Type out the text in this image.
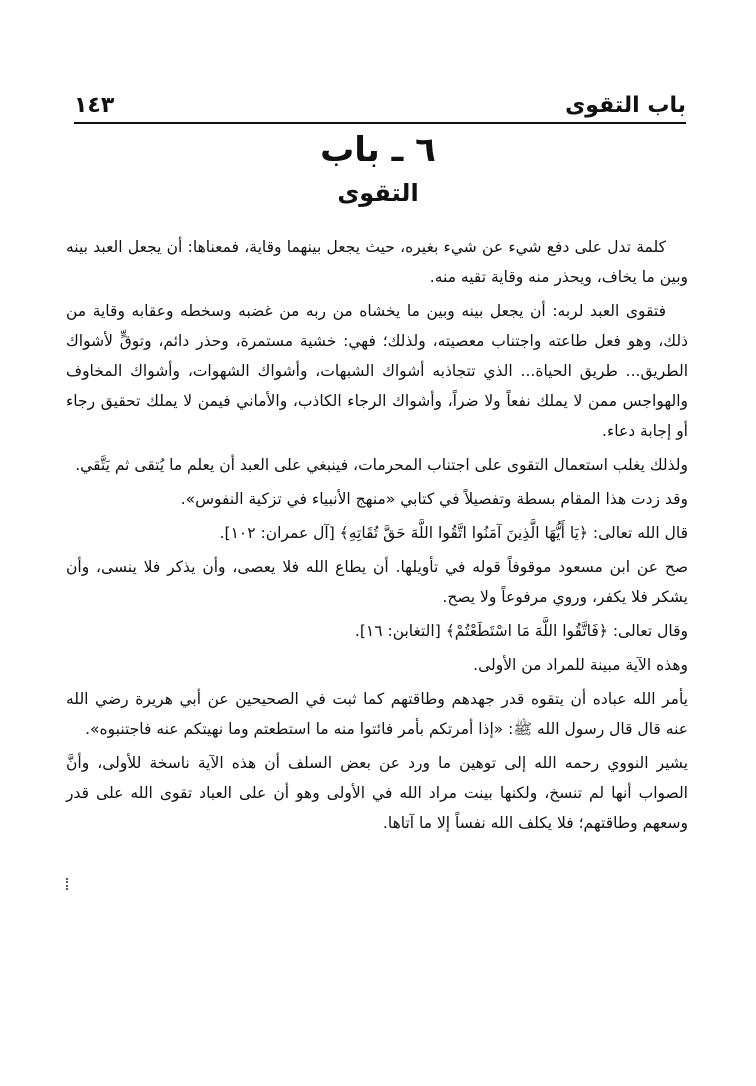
باب التقوى
١٤٣
٦ ـ باب
التقوى

كلمة تدل على دفع شيء عن شيء بغيره، حيث يجعل بينهما وقاية، فمعناها: أن يجعل العبد بينه وبين ما يخاف، ويحذر منه وقاية تقيه منه.

فتقوى العبد لربه: أن يجعل بينه وبين ما يخشاه من ربه من غضبه وسخطه وعقابه وقاية من ذلك، وهو فعل طاعته واجتناب معصيته، ولذلك؛ فهي: خشية مستمرة، وحذر دائم، وتوقٍّ لأشواك الطريق... طريق الحياة... الذي تتجاذبه أشواك الشبهات، وأشواك الشهوات، وأشواك المخاوف والهواجس ممن لا يملك نفعاً ولا ضراً، وأشواك الرجاء الكاذب، والأماني فيمن لا يملك تحقيق رجاء أو إجابة دعاء.

ولذلك يغلب استعمال التقوى على اجتناب المحرمات، فينبغي على العبد أن يعلم ما يُتقى ثم يَتَّقي.

وقد زدت هذا المقام بسطة وتفصيلاً في كتابي «منهج الأنبياء في تزكية النفوس».

قال الله تعالى: ﴿يَا أَيُّهَا الَّذِينَ آمَنُوا اتَّقُوا اللَّهَ حَقَّ تُقَاتِهِ﴾ [آل عمران: ١٠٢].

صح عن ابن مسعود موقوفاً قوله في تأويلها. أن يطاع الله فلا يعصى، وأن يذكر فلا ينسى، وأن يشكر فلا يكفر، وروي مرفوعاً ولا يصح.

وقال تعالى: ﴿فَاتَّقُوا اللَّهَ مَا اسْتَطَعْتُمْ﴾ [التغابن: ١٦].

وهذه الآية مبينة للمراد من الأولى.

يأمر الله عباده أن يتقوه قدر جهدهم وطاقتهم كما ثبت في الصحيحين عن أبي هريرة رضي الله عنه قال قال رسول الله ﷺ: «إذا أمرتكم بأمر فائتوا منه ما استطعتم وما نهيتكم عنه فاجتنبوه».

يشير النووي رحمه الله إلى توهين ما ورد عن بعض السلف أن هذه الآية ناسخة للأولى، وأنَّ الصواب أنها لم تنسخ، ولكنها بينت مراد الله في الأولى وهو أن على العباد تقوى الله على قدر وسعهم وطاقتهم؛ فلا يكلف الله نفساً إلا ما آتاها.
